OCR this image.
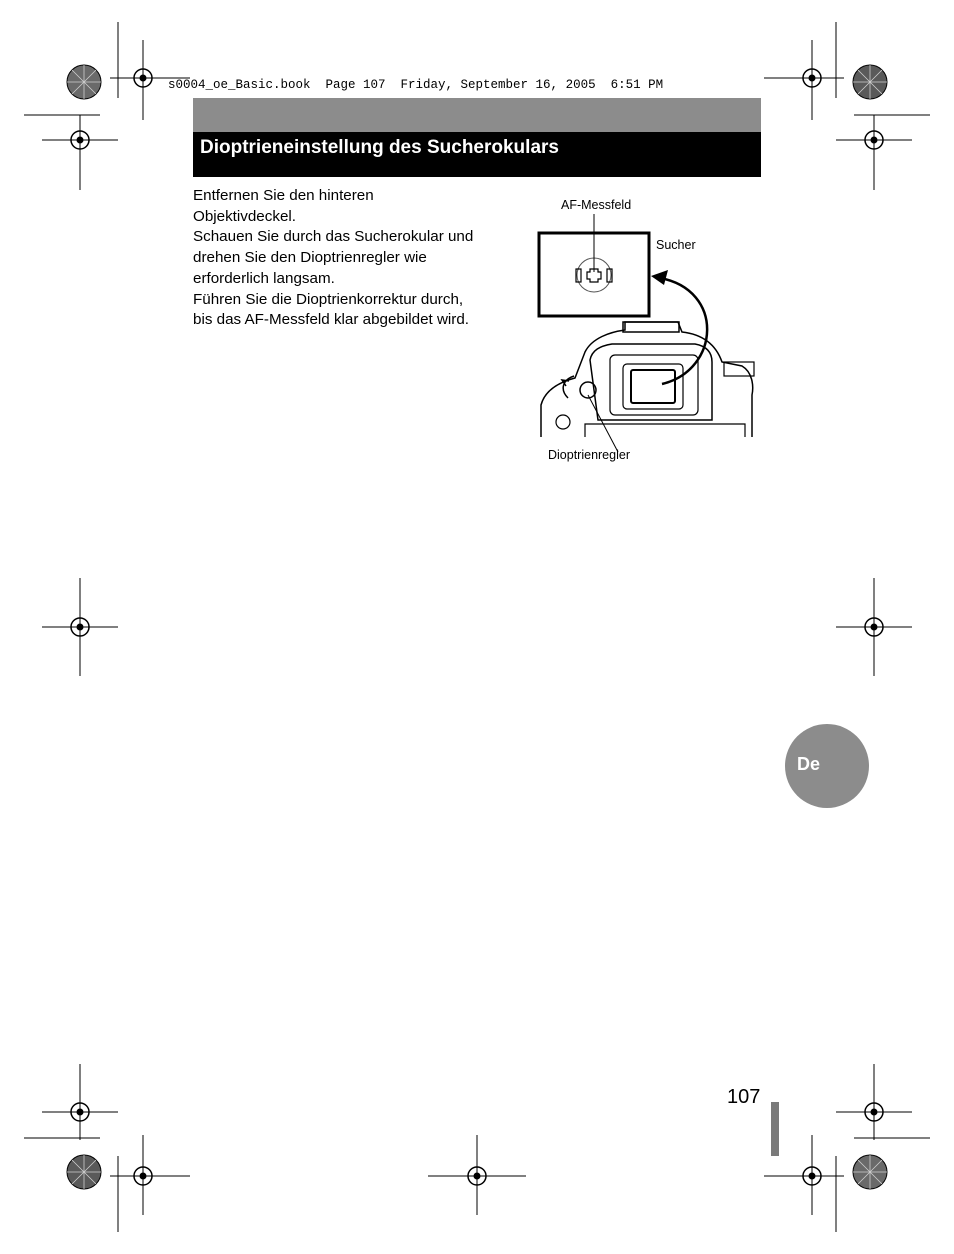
s0004_oe_Basic.book  Page 107  Friday, September 16, 2005  6:51 PM
Dioptrieneinstellung des Sucherokulars

Entfernen Sie den hinteren

Objektivdeckel.

Schauen Sie durch das Sucherokular und

drehen Sie den Dioptrienregler wie

erforderlich langsam.

Führen Sie die Dioptrienkorrektur durch,

bis das AF-Messfeld klar abgebildet wird.

AF-Messfeld
Sucher
Dioptrienregler
De
107
